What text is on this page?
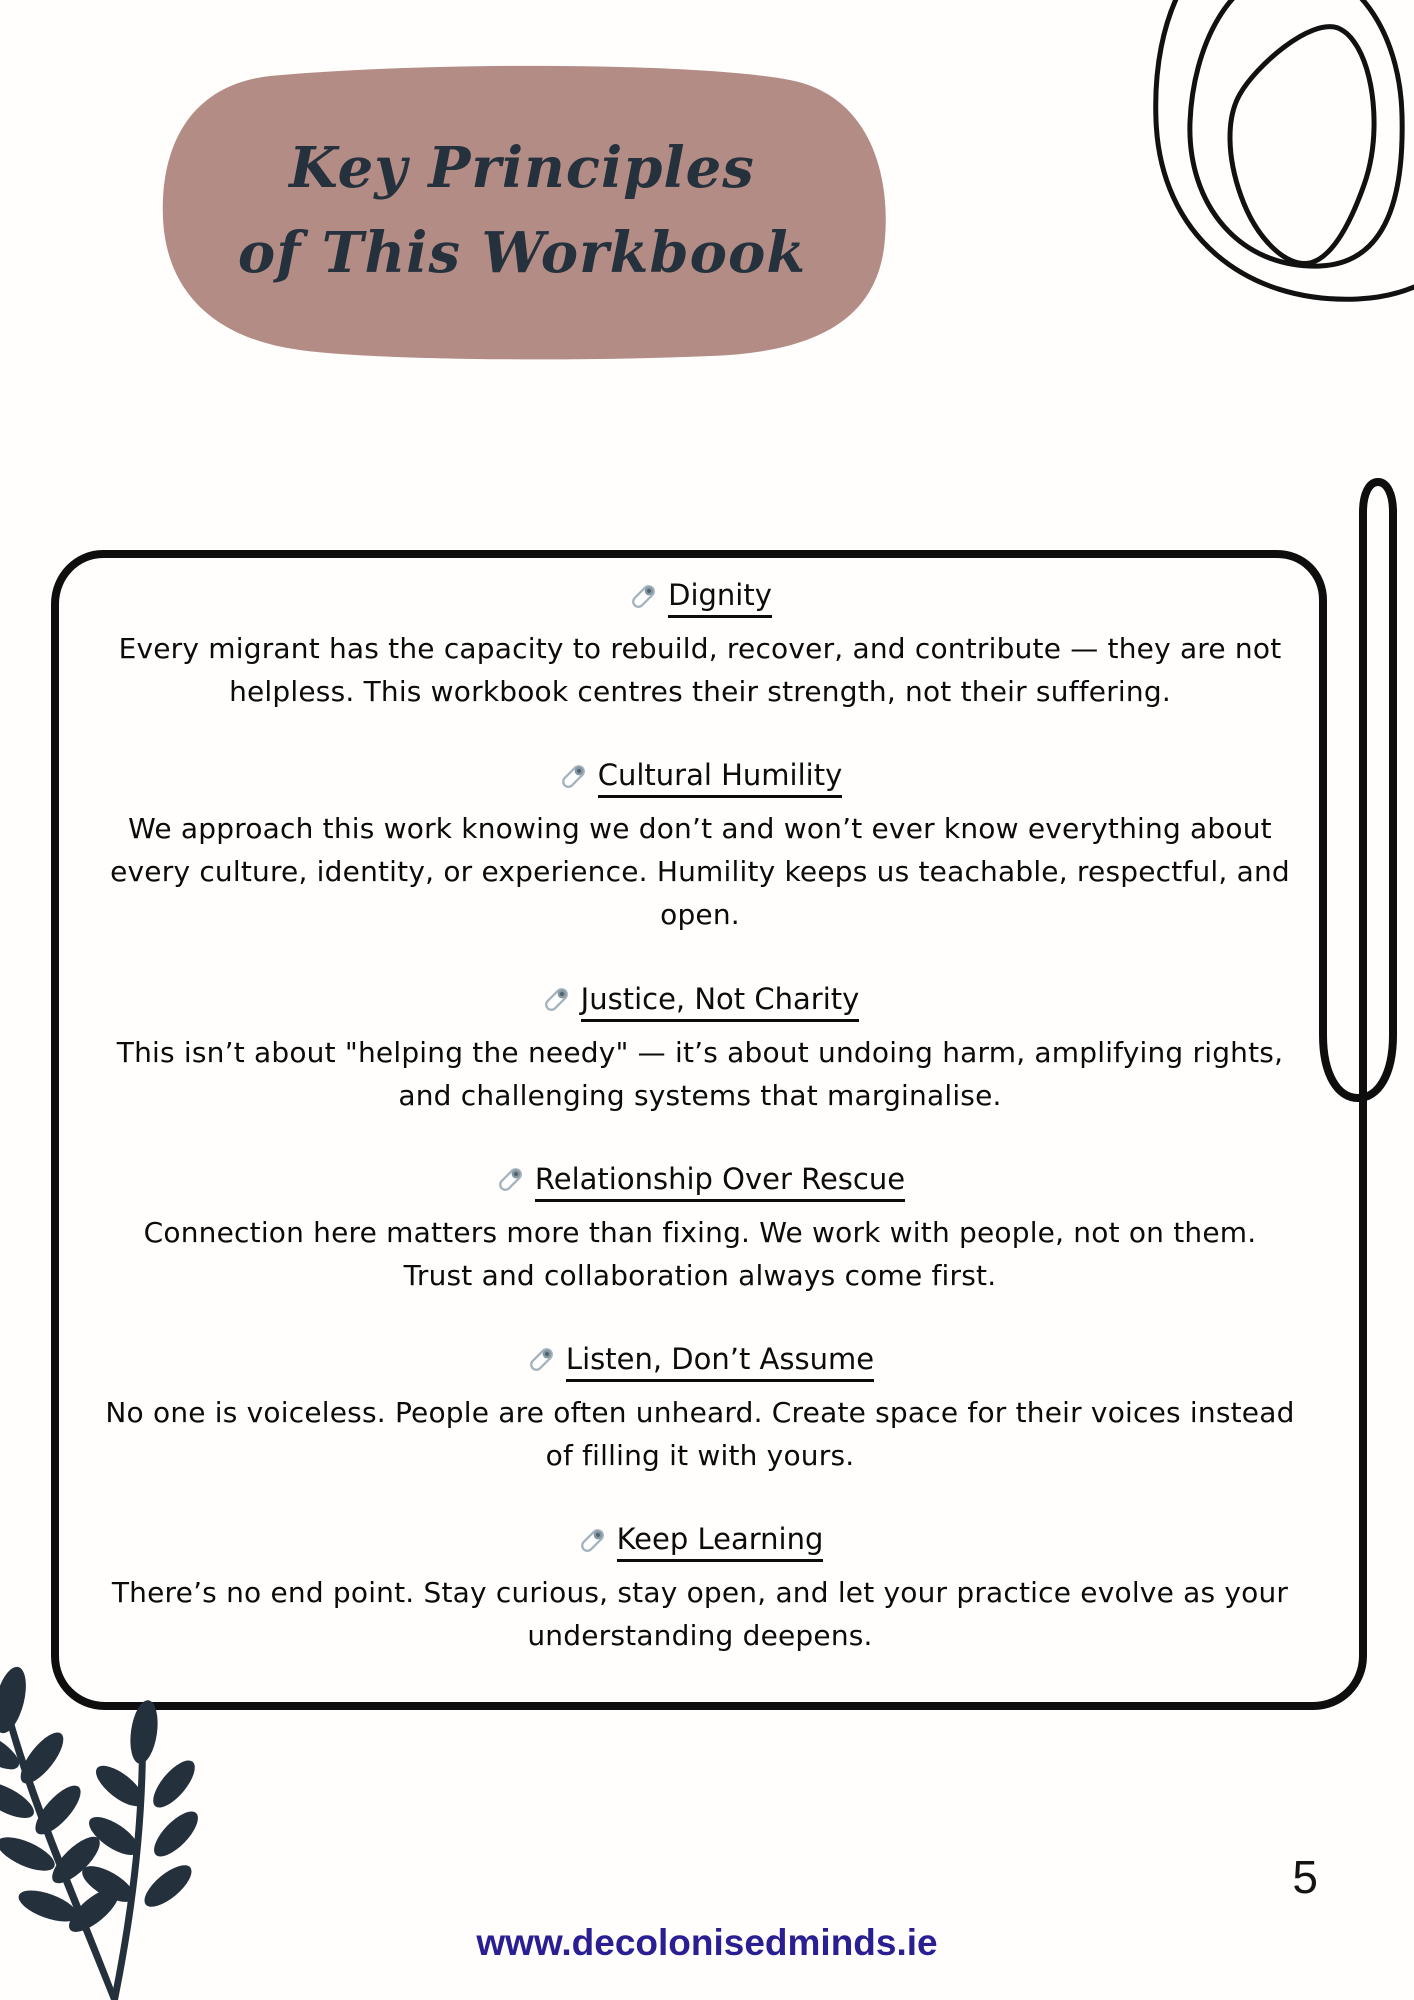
Key Principles
of This Workbook
Dignity

Every migrant has the capacity to rebuild, recover, and contribute — they are not helpless. This workbook centres their strength, not their suffering.

Cultural Humility

We approach this work knowing we don’t and won’t ever know everything about every culture, identity, or experience. Humility keeps us teachable, respectful, and open.

Justice, Not Charity

This isn’t about "helping the needy" — it’s about undoing harm, amplifying rights, and challenging systems that marginalise.

Relationship Over Rescue

Connection here matters more than fixing. We work with people, not on them. Trust and collaboration always come first.

Listen, Don’t Assume

No one is voiceless. People are often unheard. Create space for their voices instead of filling it with yours.

Keep Learning

There’s no end point. Stay curious, stay open, and let your practice evolve as your understanding deepens.

5
www.decolonisedminds.ie
